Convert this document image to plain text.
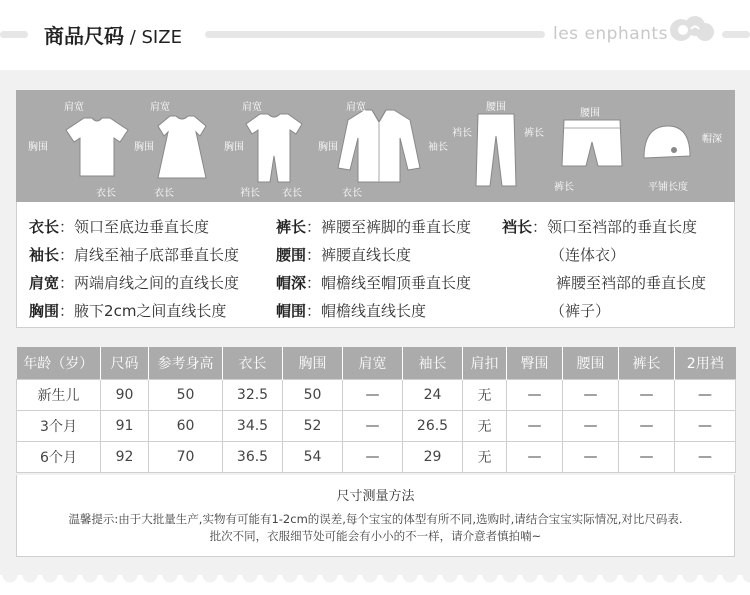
商品尺码 / SIZE	les enphants
肩宽
胸围
衣长
肩宽
胸围
衣长
肩宽
胸围
裆长 衣长
肩宽
胸围	袖长
衣长
腰围
裆长	裤长
腰围
裤长
帽深
平铺长度
衣长：领口至底边垂直长度
袖长：肩线至袖子底部垂直长度
肩宽：两端肩线之间的直线长度
胸围：腋下2cm之间直线长度
裤长：裤腰至裤脚的垂直长度
腰围：裤腰直线长度
帽深：帽檐线至帽顶垂直长度
帽围：帽檐线直线长度
裆长：领口至裆部的垂直长度
（连体衣）
裤腰至裆部的垂直长度
（裤子）
年龄（岁）	尺码	参考身高	衣长	胸围	肩宽	袖长	肩扣	臀围	腰围	裤长	2用裆
新生儿	90	50	32.5	50	—	24	无	—	—	—	—
3个月	91	60	34.5	52	—	26.5	无	—	—	—	—
6个月	92	70	36.5	54	—	29	无	—	—	—	—
尺寸测量方法
温馨提示:由于大批量生产,实物有可能有1-2cm的误差,每个宝宝的体型有所不同,选购时,请结合宝宝实际情况,对比尺码表.
批次不同，衣服细节处可能会有小小的不一样，请介意者慎拍喃~
